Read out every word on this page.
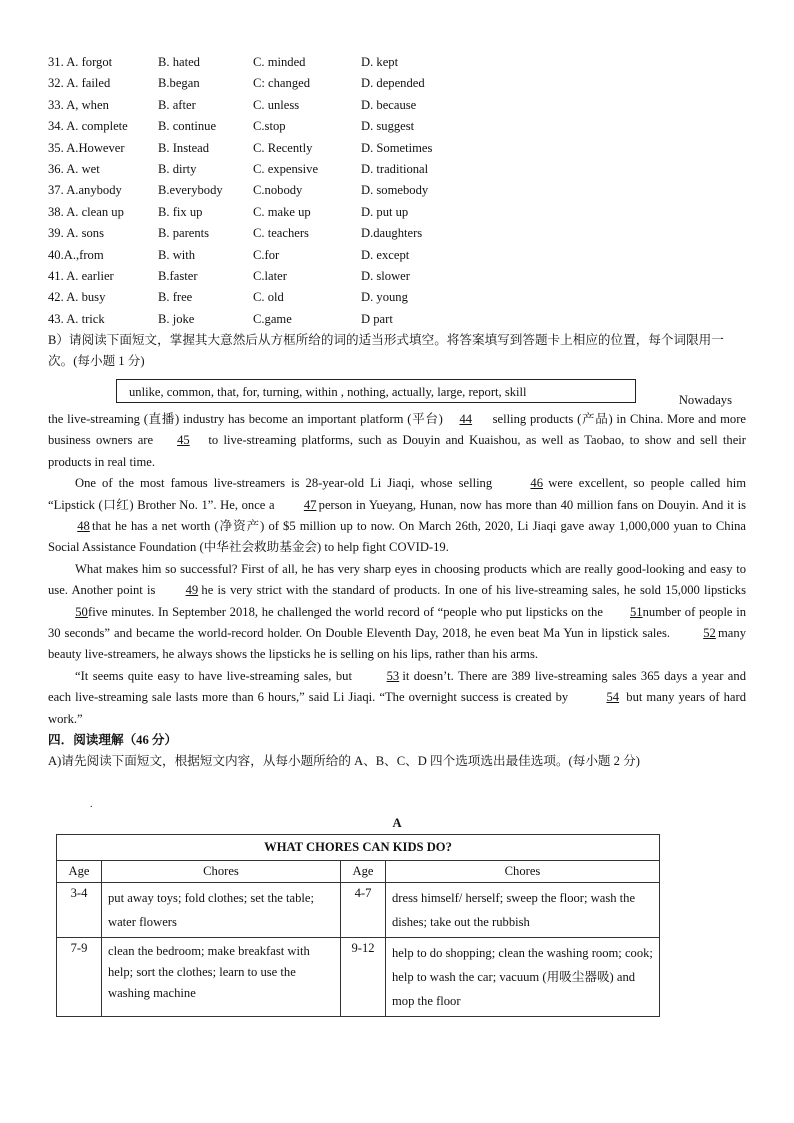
31. A. forgot	B. hated	C. minded	D. kept
32. A. failed	B.began	C: changed	D. depended
33. A, when	B. after	C. unless	D. because
34. A. complete B. continue	C.stop	D. suggest
35. A.However	B. Instead	C. Recently	D. Sometimes
36. A. wet	B. dirty	C. expensive	D. traditional
37. A.anybody	B.everybody C.nobody	D. somebody
38. A. clean up	B. fix up	C. make up	D. put up
39. A. sons	B. parents	C. teachers	D.daughters
40.A.,from	B. with	C.for	D. except
41. A. earlier	B.faster	C.later	D. slower
42. A. busy	B. free	C. old	D. young
43. A. trick	B. joke	C.game	D part

B）请阅读下面短文，掌握其大意然后从方框所给的词的适当形式填空。将答案填写到答题卡上相应的位置，每个词限用一次。(每小题 1 分)

unlike, common, that, for, turning, within , nothing, actually, large, report, skill
Nowadays

the live-streaming (直播) industry has become an important platform (平台) 44 selling products (产品) in China. More and more business owners are 45 to live-streaming platforms, such as Douyin and Kuaishou, as well as Taobao, to show and sell their products in real time.

One of the most famous live-streamers is 28-year-old Li Jiaqi, whose selling	46 were excellent, so people called him “Lipstick (口红) Brother No. 1”. He, once a 47 person in Yueyang, Hunan, now has more than 40 million fans on Douyin. And it is48 that he has a net worth (净资产) of $5 million up to now. On March 26th, 2020, Li Jiaqi gave away 1,000,000 yuan to China Social Assistance Foundation (中华社会救助基金会) to help fight COVID-19.

What makes him so successful? First of all, he has very sharp eyes in choosing products which are really good-looking and easy to use. Another point is 49 he is very strict with the standard of products. In one of his live-streaming sales, he sold 15,000 lipsticks 50five minutes. In September 2018, he challenged the world record of “people who put lipsticks on the 51 number of people in 30 seconds” and became the world-record holder. On Double Eleventh Day, 2018, he even beat Ma Yun in lipstick sales. 52 many beauty live-streamers, he always shows the lipsticks he is selling on his lips, rather than his arms.

“It seems quite easy to have live-streaming sales, but 53 it doesn’t. There are 389 live-streaming sales 365 days a year and each live-streaming sale lasts more than 6 hours,” said Li Jiaqi. “The overnight success is created by	54 but many years of hard work.”

四．阅读理解（46 分）

A)请先阅读下面短文，根据短文内容，从每小题所给的 A、B、C、D 四个选项选出最佳选项。(每小题 2 分)

.
A
WHAT CHORES CAN KIDS DO?			
Age	Chores	Age	Chores
3-4	put away toys; fold clothes; set the table; water flowers	4-7	dress himself/ herself; sweep the floor; wash the dishes; take out the rubbish
7-9	clean the bedroom; make breakfast with help; sort the clothes; learn to use the washing machine	9-12	help to do shopping; clean the washing room; cook; help to wash the car; vacuum (用吸尘器吸) and mop the floor
